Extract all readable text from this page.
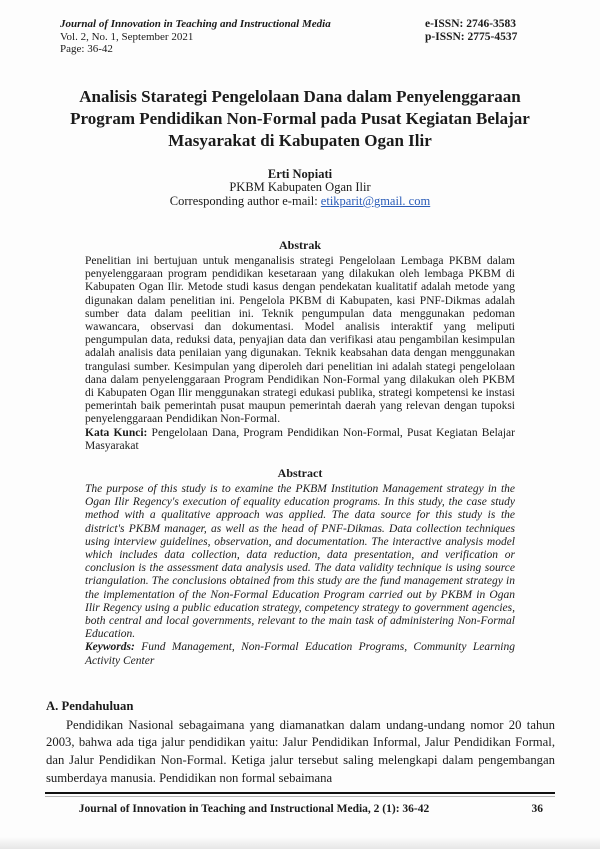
Journal of Innovation in Teaching and Instructional Media
Vol. 2, No. 1, September 2021
Page: 36-42
e-ISSN: 2746-3583
p-ISSN: 2775-4537
Analisis Starategi Pengelolaan Dana dalam Penyelenggaraan
Program Pendidikan Non-Formal pada Pusat Kegiatan Belajar
Masyarakat di Kabupaten Ogan Ilir
Erti Nopiati
PKBM Kabupaten Ogan Ilir
Corresponding author e-mail: etikparit@gmail. com
Abstrak
Penelitian ini bertujuan untuk menganalisis strategi Pengelolaan Lembaga PKBM dalam penyelenggaraan program pendidikan kesetaraan yang dilakukan oleh lembaga PKBM di Kabupaten Ogan Ilir. Metode studi kasus dengan pendekatan kualitatif adalah metode yang digunakan dalam penelitian ini. Pengelola PKBM di Kabupaten, kasi PNF-Dikmas adalah sumber data dalam peelitian ini. Teknik pengumpulan data menggunakan pedoman wawancara, observasi dan dokumentasi. Model analisis interaktif yang meliputi pengumpulan data, reduksi data, penyajian data dan verifikasi atau pengambilan kesimpulan adalah analisis data penilaian yang digunakan. Teknik keabsahan data dengan menggunakan trangulasi sumber. Kesimpulan yang diperoleh dari penelitian ini adalah stategi pengelolaan dana dalam penyelenggaraan Program Pendidikan Non-Formal yang dilakukan oleh PKBM di Kabupaten Ogan Ilir menggunakan strategi edukasi publika, strategi kompetensi ke instasi pemerintah baik pemerintah pusat maupun pemerintah daerah yang relevan dengan tupoksi penyelenggaraan Pendidikan Non-Formal.
Kata Kunci: Pengelolaan Dana, Program Pendidikan Non-Formal, Pusat Kegiatan Belajar Masyarakat
Abstract
The purpose of this study is to examine the PKBM Institution Management strategy in the Ogan Ilir Regency's execution of equality education programs. In this study, the case study method with a qualitative approach was applied. The data source for this study is the district's PKBM manager, as well as the head of PNF-Dikmas. Data collection techniques using interview guidelines, observation, and documentation. The interactive analysis model which includes data collection, data reduction, data presentation, and verification or conclusion is the assessment data analysis used. The data validity technique is using source triangulation. The conclusions obtained from this study are the fund management strategy in the implementation of the Non-Formal Education Program carried out by PKBM in Ogan Ilir Regency using a public education strategy, competency strategy to government agencies, both central and local governments, relevant to the main task of administering Non-Formal Education.
Keywords: Fund Management, Non-Formal Education Programs, Community Learning Activity Center
A. Pendahuluan
Pendidikan Nasional sebagaimana yang diamanatkan dalam undang-undang nomor 20 tahun 2003, bahwa ada tiga jalur pendidikan yaitu: Jalur Pendidikan Informal, Jalur Pendidikan Formal, dan Jalur Pendidikan Non-Formal. Ketiga jalur tersebut saling melengkapi dalam pengembangan sumberdaya manusia. Pendidikan non formal sebaimana
Journal of Innovation in Teaching and Instructional Media, 2 (1): 36-42	36
